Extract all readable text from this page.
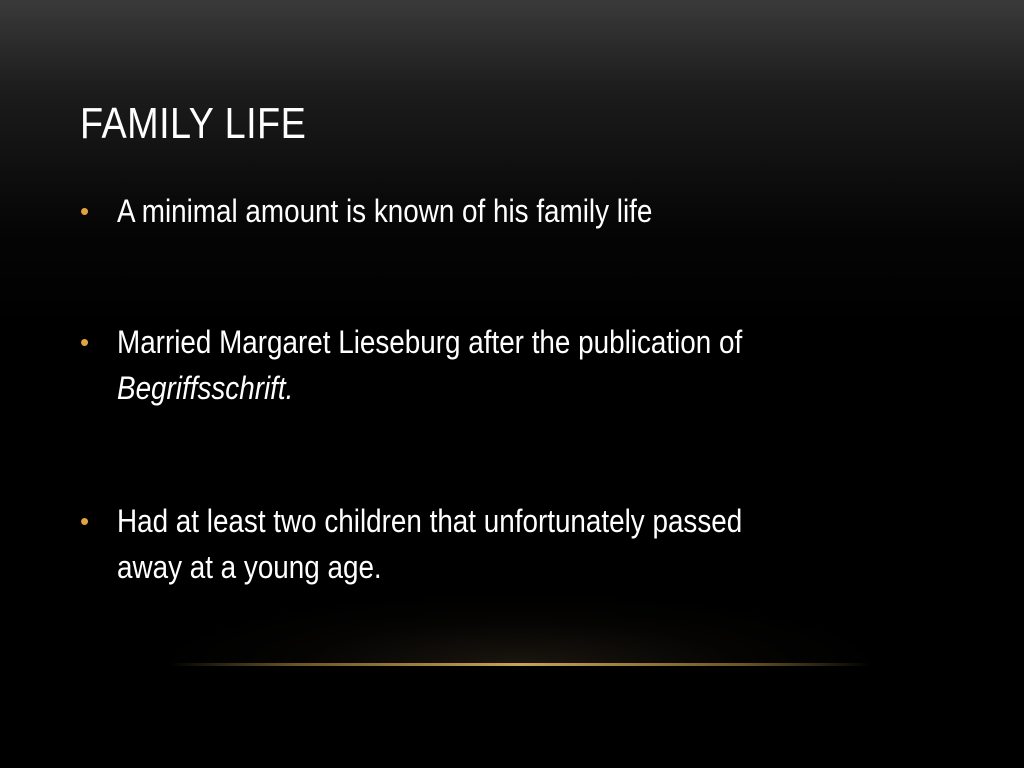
FAMILY LIFE
• A minimal amount is known of his family life
• Married Margaret Lieseburg after the publication of
Begriffsschrift.
• Had at least two children that unfortunately passed
away at a young age.
